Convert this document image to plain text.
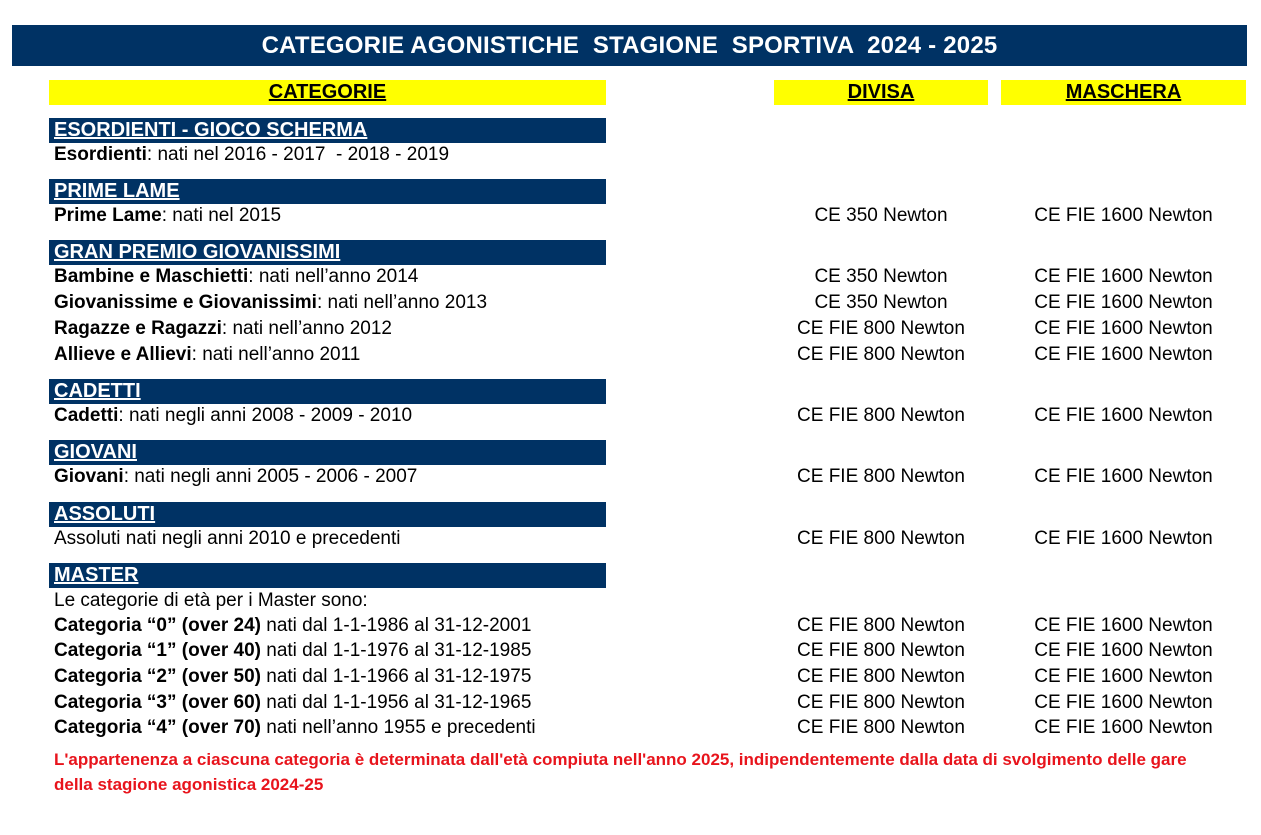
CATEGORIE AGONISTICHE  STAGIONE  SPORTIVA  2024 - 2025
CATEGORIE	DIVISA	MASCHERA
ESORDIENTI - GIOCO SCHERMA
Esordienti: nati nel 2016 - 2017  - 2018 - 2019
PRIME LAME
Prime Lame: nati nel 2015	CE 350 Newton	CE FIE 1600 Newton
GRAN PREMIO GIOVANISSIMI
Bambine e Maschietti: nati nell’anno 2014	CE 350 Newton	CE FIE 1600 Newton
Giovanissime e Giovanissimi: nati nell’anno 2013	CE 350 Newton	CE FIE 1600 Newton
Ragazze e Ragazzi: nati nell’anno 2012	CE FIE 800 Newton	CE FIE 1600 Newton
Allieve e Allievi: nati nell’anno 2011	CE FIE 800 Newton	CE FIE 1600 Newton
CADETTI
Cadetti: nati negli anni 2008 - 2009 - 2010	CE FIE 800 Newton	CE FIE 1600 Newton
GIOVANI
Giovani: nati negli anni 2005 - 2006 - 2007	CE FIE 800 Newton	CE FIE 1600 Newton
ASSOLUTI
Assoluti nati negli anni 2010 e precedenti	CE FIE 800 Newton	CE FIE 1600 Newton
MASTER
Le categorie di età per i Master sono:
Categoria “0” (over 24) nati dal 1-1-1986 al 31-12-2001	CE FIE 800 Newton	CE FIE 1600 Newton
Categoria “1” (over 40) nati dal 1-1-1976 al 31-12-1985	CE FIE 800 Newton	CE FIE 1600 Newton
Categoria “2” (over 50) nati dal 1-1-1966 al 31-12-1975	CE FIE 800 Newton	CE FIE 1600 Newton
Categoria “3” (over 60) nati dal 1-1-1956 al 31-12-1965	CE FIE 800 Newton	CE FIE 1600 Newton
Categoria “4” (over 70) nati nell’anno 1955 e precedenti	CE FIE 800 Newton	CE FIE 1600 Newton
L'appartenenza a ciascuna categoria è determinata dall'età compiuta nell'anno 2025, indipendentemente dalla data di svolgimento delle gare della stagione agonistica 2024-25
